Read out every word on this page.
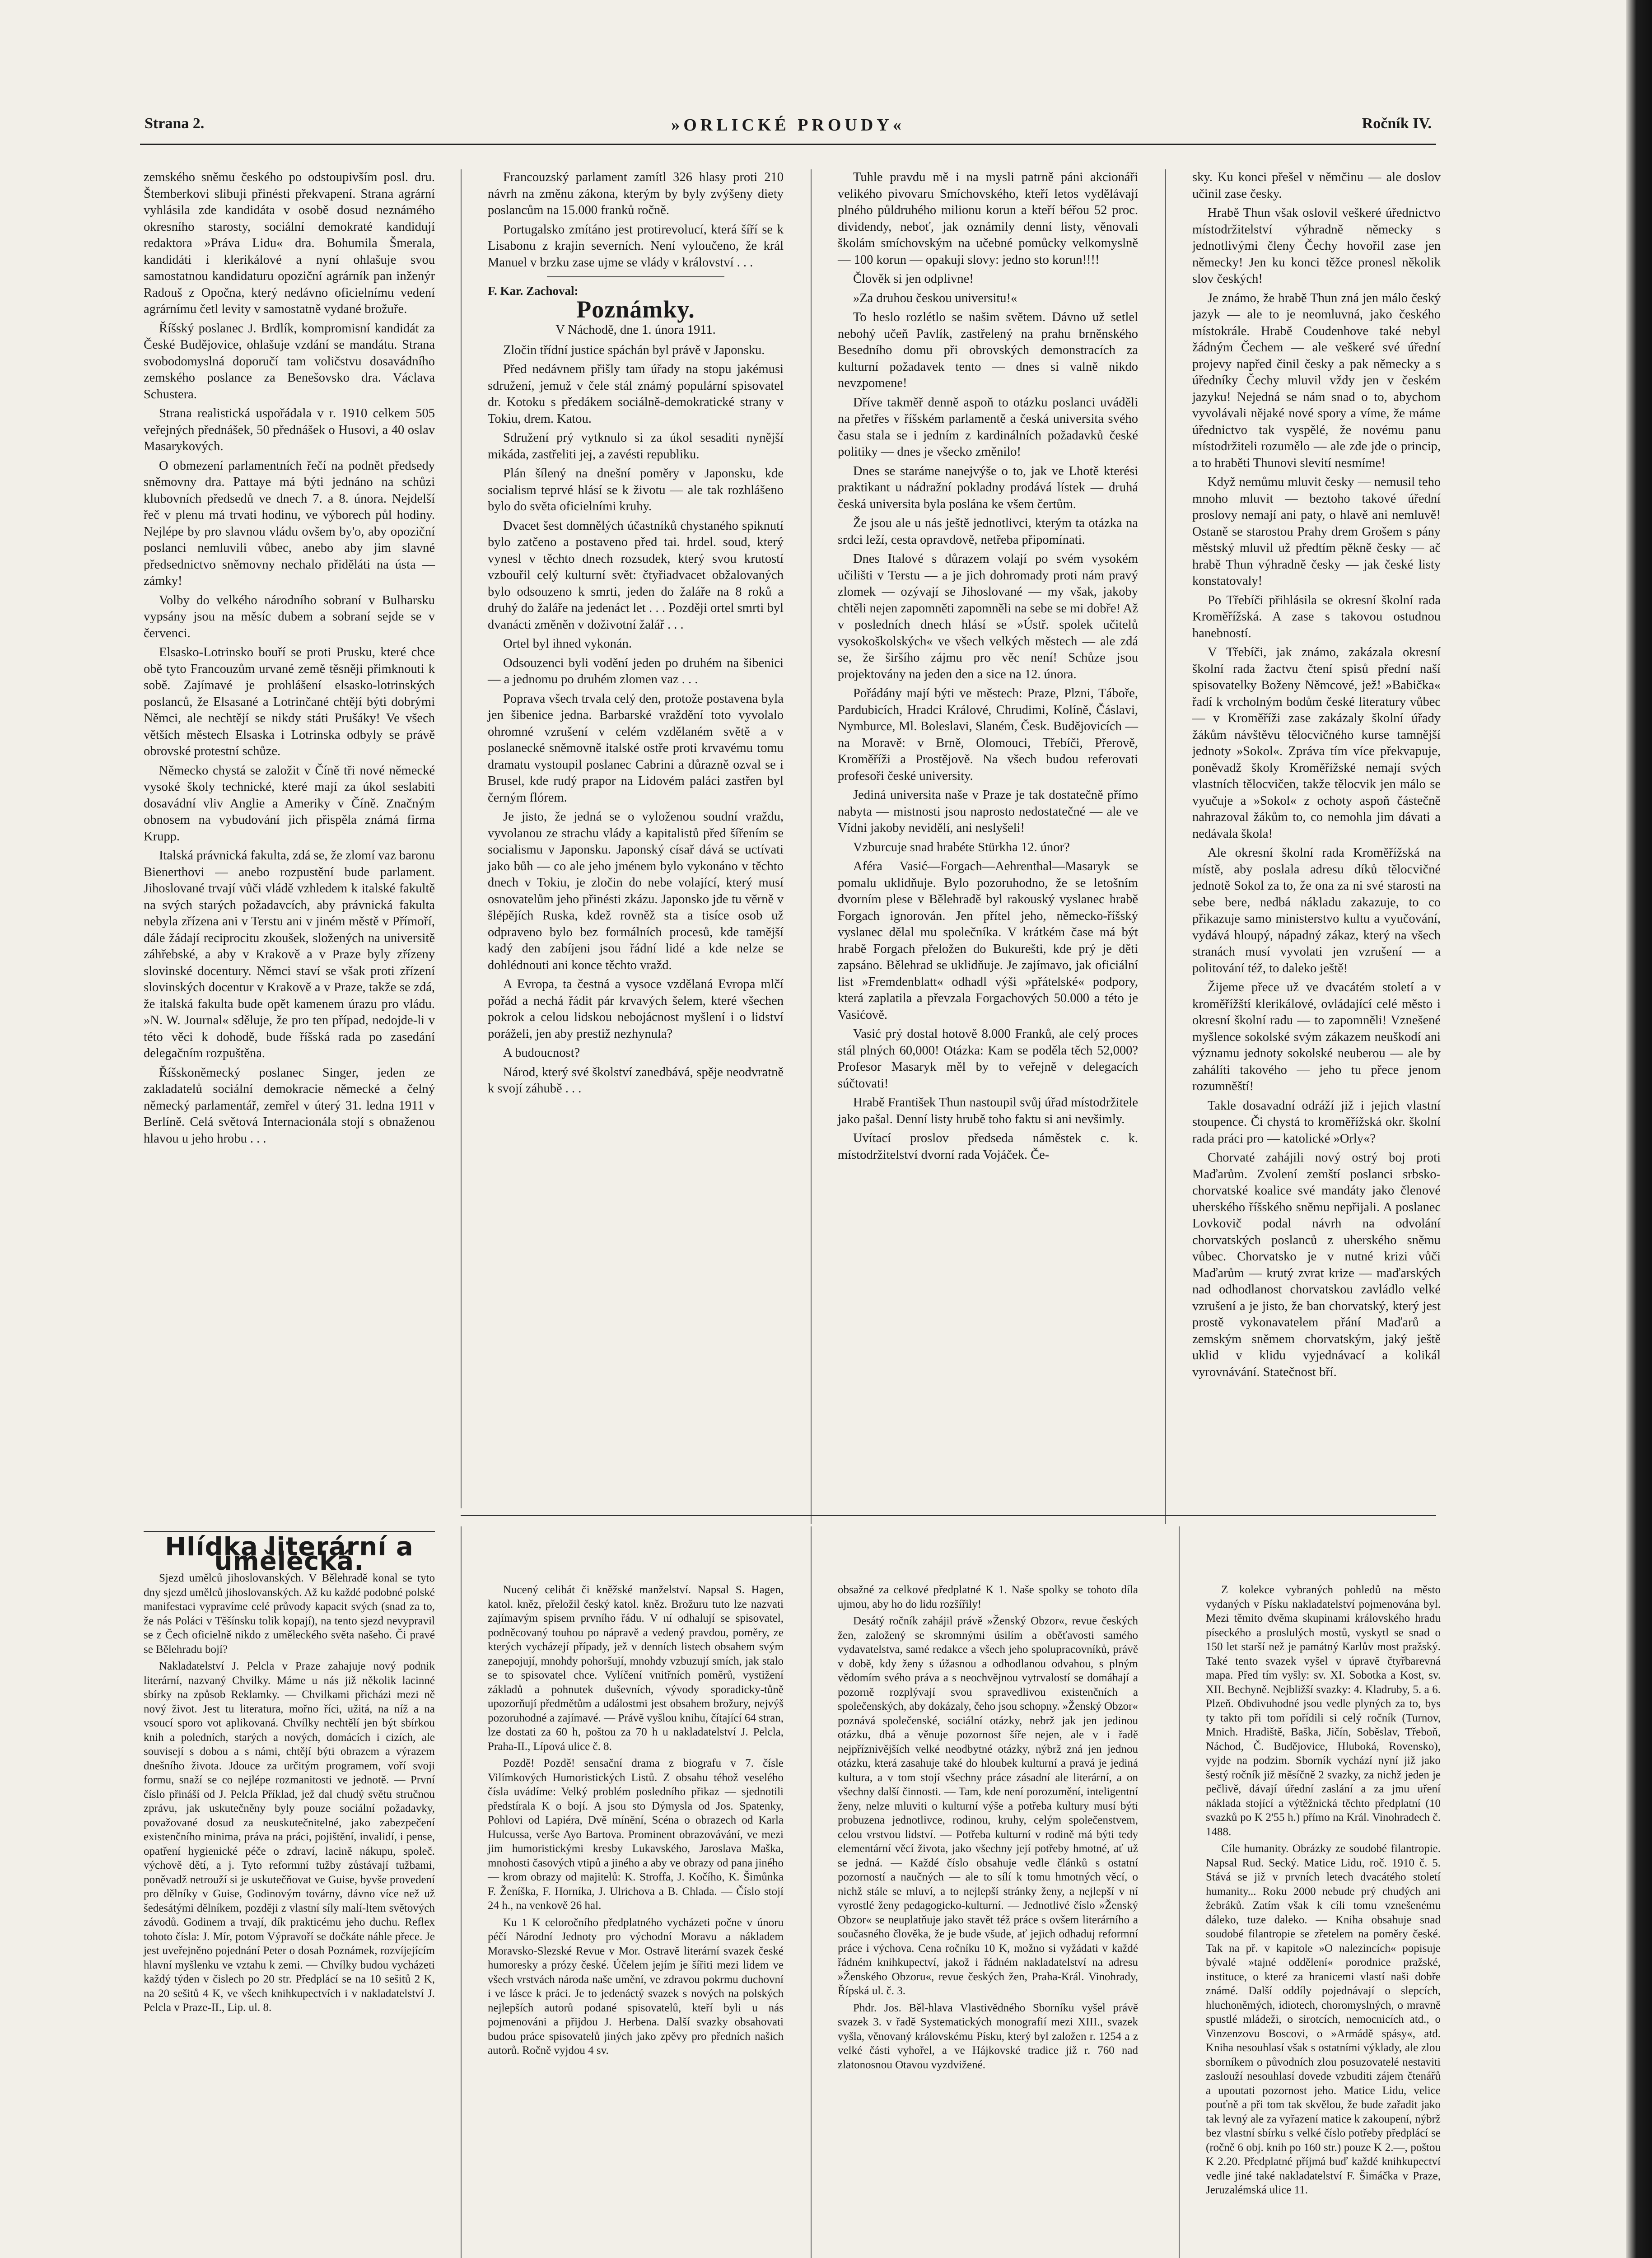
Strana 2.	»ORLICKÉ PROUDY«	Ročník IV.

zemského sněmu českého po odstoupivším posl. dru. Štemberkovi slibuji přinésti překvapení. Strana agrární vyhlásila zde kandidáta v osobě dosud neznámého okresního starosty, sociální demokraté kandidují redaktora »Práva Lidu« dra. Bohumila Šmerala, kandidáti i klerikálové a nyní ohlašuje svou samostatnou kandidaturu opoziční agrárník pan inženýr Radouš z Opočna, který nedávno oficielnímu vedení agrárnímu četl levity v samostatně vydané brožuře.

Říšský poslanec J. Brdlík, kompromisní kandidát za České Budějovice, ohlašuje vzdání se mandátu. Strana svobodomyslná doporučí tam voličstvu dosavádního zemského poslance za Benešovsko dra. Václava Schustera.

Strana realistická uspořádala v r. 1910 celkem 505 veřejných přednášek, 50 přednášek o Husovi, a 40 oslav Masarykových.

O obmezení parlamentních řečí na podnět předsedy sněmovny dra. Pattaye má býti jednáno na schůzi klubovních předsedů ve dnech 7. a 8. února. Nejdelší řeč v plenu má trvati hodinu, ve výborech půl hodiny. Nejlépe by pro slavnou vládu ovšem by'o, aby opoziční poslanci nemluvili vůbec, anebo aby jim slavné předsednictvo sněmovny nechalo přiděláti na ústa — zámky!

Volby do velkého národního sobraní v Bulharsku vypsány jsou na měsíc dubem a sobraní sejde se v červenci.

Elsasko-Lotrinsko bouří se proti Prusku, které chce obě tyto Francouzům urvané země těsněji přimknouti k sobě. Zajímavé je prohlášení elsasko-lotrinských poslanců, že Elsasané a Lotrinčané chtějí býti dobrými Němci, ale nechtějí se nikdy státi Prušáky! Ve všech větších městech Elsaska i Lotrinska odbyly se právě obrovské protestní schůze.

Německo chystá se založit v Číně tři nové německé vysoké školy technické, které mají za úkol seslabiti dosavádní vliv Anglie a Ameriky v Číně. Značným obnosem na vybudování jich přispěla známá firma Krupp.

Italská právnická fakulta, zdá se, že zlomí vaz baronu Bienerthovi — anebo rozpustění bude parlament. Jihoslované trvají vůči vládě vzhledem k italské fakultě na svých starých požadavcích, aby právnická fakulta nebyla zřízena ani v Terstu ani v jiném městě v Přímoří, dále žádají reciprocitu zkoušek, složených na universitě záhřebské, a aby v Krakově a v Praze byly zřízeny slovinské docentury. Němci staví se však proti zřízení slovinských docentur v Krakově a v Praze, takže se zdá, že italská fakulta bude opět kamenem úrazu pro vládu. »N. W. Journal« sděluje, že pro ten případ, nedojde-li v této věci k dohodě, bude říšská rada po zasedání delegačním rozpuštěna.

Říšskoněmecký poslanec Singer, jeden ze zakladatelů sociální demokracie německé a čelný německý parlamentář, zemřel v úterý 31. ledna 1911 v Berlíně. Celá světová Internacionála stojí s obnaženou hlavou u jeho hrobu . . .

Francouzský parlament zamítl 326 hlasy proti 210 návrh na změnu zákona, kterým by byly zvýšeny diety poslancům na 15.000 franků ročně.

Portugalsko zmítáno jest protirevolucí, která šíří se k Lisabonu z krajin severních. Není vyloučeno, že král Manuel v brzku zase ujme se vlády v království . . .

F. Kar. Zachoval:
Poznámky.
V Náchodě, dne 1. února 1911.

Zločin třídní justice spáchán byl právě v Japonsku.

Před nedávnem přišly tam úřady na stopu jakémusi sdružení, jemuž v čele stál známý populární spisovatel dr. Kotoku s předákem sociálně-demokratické strany v Tokiu, drem. Katou.

Sdružení prý vytknulo si za úkol sesaditi nynější mikáda, zastřeliti jej, a zavésti republiku.

Plán šílený na dnešní poměry v Japonsku, kde socialism teprvé hlásí se k životu — ale tak rozhlášeno bylo do světa oficielními kruhy.

Dvacet šest domnělých účastníků chystaného spiknutí bylo zatčeno a postaveno před tai. hrdel. soud, který vynesl v těchto dnech rozsudek, který svou krutostí vzbouřil celý kulturní svět: čtyřiadvacet obžalovaných bylo odsouzeno k smrti, jeden do žaláře na 8 roků a druhý do žaláře na jedenáct let . . . Později ortel smrti byl dvanácti změněn v doživotní žalář . . .

Ortel byl ihned vykonán.

Odsouzenci byli vodění jeden po druhém na šibenici — a jednomu po druhém zlomen vaz . . .

Poprava všech trvala celý den, protože postavena byla jen šibenice jedna. Barbarské vraždění toto vyvolalo ohromné vzrušení v celém vzdělaném světě a v poslanecké sněmovně italské ostře proti krvavému tomu dramatu vystoupil poslanec Cabrini a důrazně ozval se i Brusel, kde rudý prapor na Lidovém paláci zastřen byl černým flórem.

Je jisto, že jedná se o vyloženou soudní vraždu, vyvolanou ze strachu vlády a kapitalistů před šířením se socialismu v Japonsku. Japonský císař dává se uctívati jako bůh — co ale jeho jménem bylo vykonáno v těchto dnech v Tokiu, je zločin do nebe volající, který musí osnovatelům jeho přinésti zkázu. Japonsko jde tu věrně v šlépějích Ruska, kdež rovněž sta a tisíce osob už odpraveno bylo bez formálních procesů, kde tamější kadý den zabíjeni jsou řádní lidé a kde nelze se dohlédnouti ani konce těchto vražd.

A Evropa, ta čestná a vysoce vzdělaná Evropa mlčí pořád a nechá řádit pár krvavých šelem, které všechen pokrok a celou lidskou nebojácnost myšlení i o lidství poráželi, jen aby prestiž nezhynula?

A budoucnost?

Národ, který své školství zanedbává, spěje neodvratně k svojí záhubě . . .

Tuhle pravdu mě i na mysli patrně páni akcionáři velikého pivovaru Smíchovského, kteří letos vydělávají plného půldruhého milionu korun a kteří béřou 52 proc. dividendy, neboť, jak oznámily denní listy, věnovali školám smíchovským na učebné pomůcky velkomyslně — 100 korun — opakuji slovy: jedno sto korun!!!!

Člověk si jen odplivne!

»Za druhou českou universitu!«

To heslo rozlétlo se našim světem. Dávno už setlel nebohý učeň Pavlík, zastřelený na prahu brněnského Besedního domu při obrovských demonstracích za kulturní požadavek tento — dnes si valně nikdo nevzpomene!

Dříve takměř denně aspoň to otázku poslanci uváděli na přetřes v říšském parlamentě a česká universita svého času stala se i jedním z kardinálních požadavků české politiky — dnes je všecko změnilo!

Dnes se staráme nanejvýše o to, jak ve Lhotě kterési praktikant u nádražní pokladny prodává lístek — druhá česká universita byla poslána ke všem čertům.

Že jsou ale u nás ještě jednotlivci, kterým ta otázka na srdci leží, cesta opravdově, netřeba připomínati.

Dnes Italové s důrazem volají po svém vysokém učilišti v Terstu — a je jich dohromady proti nám pravý zlomek — ozývají se Jihoslované — my však, jakoby chtěli nejen zapomněti zapomněli na sebe se mi dobře! Až v posledních dnech hlásí se »Ústř. spolek učitelů vysokoškolských« ve všech velkých městech — ale zdá se, že širšího zájmu pro věc není! Schůze jsou projektovány na jeden den a sice na 12. února.

Pořádány mají býti ve městech: Praze, Plzni, Táboře, Pardubicích, Hradci Králové, Chrudimi, Kolíně, Čáslavi, Nymburce, Ml. Boleslavi, Slaném, Česk. Budějovicích — na Moravě: v Brně, Olomouci, Třebíči, Přerově, Kroměříži a Prostějově. Na všech budou referovati profesoři české university.

Jediná universita naše v Praze je tak dostatečně přímo nabyta — mistnosti jsou naprosto nedostatečné — ale ve Vídni jakoby nevidělí, ani neslyšeli!

Vzburcuje snad hrabéte Stürkha 12. únor?

Aféra Vasić—Forgach—Aehrenthal—Masaryk se pomalu uklidňuje. Bylo pozoruhodno, že se letošním dvorním plese v Bělehradě byl rakouský vyslanec hrabě Forgach ignorován. Jen přítel jeho, německo-říšský vyslanec dělal mu společníka. V krátkém čase má být hrabě Forgach přeložen do Bukurešti, kde prý je děti zapsáno. Bělehrad se uklidňuje. Je zajímavo, jak oficiální list »Fremdenblatt« odhadl výši »přátelské« podpory, která zaplatila a převzala Forgachových 50.000 a této je Vasićově.

Vasić prý dostal hotově 8.000 Franků, ale celý proces stál plných 60,000! Otázka: Kam se poděla těch 52,000? Profesor Masaryk měl by to veřejně v delegacích súčtovati!

Hrabě František Thun nastoupil svůj úřad místodržitele jako pašal. Denní listy hrubě toho faktu si ani nevšimly.

Uvítací proslov předseda náměstek c. k. místodržitelství dvorní rada Vojáček. Če-

sky. Ku konci přešel v němčinu — ale doslov učinil zase česky.

Hrabě Thun však oslovil veškeré úřednictvo místodržitelství výhradně německy s jednotlivými členy Čechy hovořil zase jen německy! Jen ku konci těžce pronesl několik slov českých!

Je známo, že hrabě Thun zná jen málo český jazyk — ale to je neomluvná, jako českého místokrále. Hrabě Coudenhove také nebyl žádným Čechem — ale veškeré své úřední projevy napřed činil česky a pak německy a s úředníky Čechy mluvil vždy jen v českém jazyku! Nejedná se nám snad o to, abychom vyvolávali nějaké nové spory a víme, že máme úřednictvo tak vyspělé, že novému panu místodržiteli rozumělo — ale zde jde o princip, a to hraběti Thunovi slevití nesmíme!

Když nemůmu mluvit česky — nemusil teho mnoho mluvit — beztoho takové úřední proslovy nemají ani paty, o hlavě ani nemluvě! Ostaně se starostou Prahy drem Grošem s pány městský mluvil už předtím pěkně česky — ač hrabě Thun výhradně česky — jak české listy konstatovaly!

Po Třebíči přihlásila se okresní školní rada Kroměřížská. A zase s takovou ostudnou hanebností.

V Třebíči, jak známo, zakázala okresní školní rada žactvu čtení spisů přední naší spisovatelky Boženy Němcové, jež! »Babička« řadí k vrcholným bodům české literatury vůbec — v Kroměříži zase zakázaly školní úřady žákům návštěvu tělocvičného kurse tamnější jednoty »Sokol«. Zpráva tím více překvapuje, poněvadž školy Kroměřížské nemají svých vlastních tělocvičen, takže tělocvik jen málo se vyučuje a »Sokol« z ochoty aspoň částečně nahrazoval žákům to, co nemohla jim dávati a nedávala škola!

Ale okresní školní rada Kroměřížská na místě, aby poslala adresu díků tělocvičné jednotě Sokol za to, že ona za ni své starosti na sebe bere, nedbá nákladu zakazuje, to co přikazuje samo ministerstvo kultu a vyučování, vydává hloupý, nápadný zákaz, který na všech stranách musí vyvolati jen vzrušení — a politování též, to daleko ještě!

Žijeme přece už ve dvacátém století a v kroměřížští klerikálové, ovládající celé město i okresní školní radu — to zapomněli! Vznešené myšlence sokolské svým zákazem neuškodí ani významu jednoty sokolské neuberou — ale by zahálíti takového — jeho tu přece jenom rozumněští!

Takle dosavadní odráží již i jejich vlastní stoupence. Či chystá to kroměřížská okr. školní rada práci pro — katolické »Orly«?

Chorvaté zahájili nový ostrý boj proti Maďarům. Zvolení zemští poslanci srbsko-chorvatské koalice své mandáty jako členové uherského říšského sněmu nepřijali. A poslanec Lovkovič podal návrh na odvolání chorvatských poslanců z uherského sněmu vůbec. Chorvatsko je v nutné krizi vůči Maďarům — krutý zvrat krize — maďarských nad odhodlanost chorvatskou zavládlo velké vzrušení a je jisto, že ban chorvatský, který jest prostě vykonavatelem přání Maďarů a zemským sněmem chorvatským, jaký ještě uklid v klidu vyjednávací a kolikál vyrovnávání. Statečnost bří.

Hlídka literární a umělecká.

Sjezd umělců jihoslovanských. V Bělehradě konal se tyto dny sjezd umělců jihoslovanských. Až ku každé podobné polské manifestaci vypravíme celé průvody kapacit svých (snad za to, že nás Poláci v Těšínsku tolik kopají), na tento sjezd nevypravil se z Čech oficielně nikdo z uměleckého světa našeho. Či pravé se Bělehradu bojí?

Nakladatelství J. Pelcla v Praze zahajuje nový podnik literární, nazvaný Chvilky. Máme u nás již několik lacinné sbírky na způsob Reklamky. — Chvilkami přicházi mezi ně nový život. Jest tu literatura, mořno říci, užitá, na níž a na vsoucí sporo vot aplikovaná. Chvílky nechtělí jen být sbírkou knih a poledních, starých a nových, domácích i cizích, ale souvisejí s dobou a s námi, chtějí býti obrazem a výrazem dnešního života. Jdouce za určitým programem, voří svoji formu, snaží se co nejlépe rozmanitosti ve jednotě. — První číslo přináší od J. Pelcla Příklad, jež dal chudý světu stručnou zprávu, jak uskutečněny byly pouze sociální požadavky, považované dosud za neuskutečnitelné, jako zabezpečení existenčního minima, práva na práci, pojištění, invalidí, i pense, opatření hygienické péče o zdraví, lacině nákupu, společ. výchově dětí, a j. Tyto reformní tužby zůstávají tužbami, poněvadž netrouží si je uskutečňovat ve Guise, byvše provedení pro dělníky v Guise, Godinovým továrny, dávno více než už šedesátými dělníkem, později z vlastní síly malí-ltem světových závodů. Godinem a trvají, dík prakticému jeho duchu. Reflex tohoto čísla: J. Mír, potom Výpravoří se dočkáte náhle přece. Je jest uveřejněno pojednání Peter o dosah Poznámek, rozvíjejícím hlavní myšlenku ve vztahu k zemi. — Chvílky budou vycházeti každý týden v čislech po 20 str. Předplácí se na 10 sešitů 2 K, na 20 sešitů 4 K, ve všech knihkupectvích i v nakladatelství J. Pelcla v Praze-II., Lip. ul. 8.

Nucený celibát či kněžské manželství. Napsal S. Hagen, katol. kněz, přeložil český katol. kněz. Brožuru tuto lze nazvati zajímavým spisem prvního řádu. V ní odhalují se spisovatel, podněcovaný touhou po nápravě a vedený pravdou, poměry, ze kterých vycházejí případy, jež v denních listech obsahem svým zanepojují, mnohdy pohoršují, mnohdy vzbuzují smích, jak stalo se to spisovatel chce. Vylíčení vnitřních poměrů, vystižení základů a pohnutek duševních, vývody sporadicky-tůně upozorňují předmětům a událostmi jest obsahem brožury, nejvýš pozoruhodné a zajímavé. — Právě vyšlou knihu, čítající 64 stran, lze dostati za 60 h, poštou za 70 h u nakladatelství J. Pelcla, Praha-II., Lípová ulice č. 8.

Pozdě! Pozdě! sensační drama z biografu v 7. čísle Vilímkových Humoristických Listů. Z obsahu téhož veselého čísla uvádíme: Velký problém posledního přikaz — sjednotili předstírala K o bojí. A jsou sto Dýmysla od Jos. Spatenky, Pohlovi od Lapiéra, Dvě mínění, Scéna o obrazech od Karla Hulcussa, verše Ayo Bartova. Prominent obrazovávání, ve mezi jim humoristickými kresby Lukavského, Jaroslava Maška, mnohosti časových vtipů a jiného a aby ve obrazy od pana jiného — krom obrazy od majitelů: K. Stroffa, J. Kočího, K. Šimůnka F. Ženíška, F. Horníka, J. Ulrichova a B. Chlada. — Číslo stojí 24 h., na venkově 26 hal.

Ku 1 K celoročního předplatného vycházeti počne v únoru péčí Národní Jednoty pro východní Moravu a nákladem Moravsko-Slezské Revue v Mor. Ostravě literární svazek české humoresky a prózy české. Účelem jejím je šířiti mezi lidem ve všech vrstvách národa naše umění, ve zdravou pokrmu duchovní i ve lásce k práci. Je to jedenáctý svazek s nových na polských nejlepších autorů podané spisovatelů, kteří byli u nás pojmenováni a přijdou J. Herbena. Další svazky obsahovati budou práce spisovatelů jiných jako zpěvy pro předních našich autorů. Ročně vyjdou 4 sv.

obsažné za celkové předplatné K 1. Naše spolky se tohoto díla ujmou, aby ho do lidu rozšířily!

Desátý ročník zahájil právě »Ženský Obzor«, revue českých žen, založený se skromnými úsilím a oběťavosti samého vydavatelstva, samé redakce a všech jeho spolupracovníků, právě v době, kdy ženy s úžasnou a odhodlanou odvahou, s plným vědomím svého práva a s neochvějnou vytrvalostí se domáhají a pozorně rozplývají svou spravedlivou existenčních a společenských, aby dokázaly, čeho jsou schopny. »Ženský Obzor« poznává společenské, sociální otázky, nebrž jak jen jedinou otázku, dbá a věnuje pozornost šíře nejen, ale v i řadě nejpříznivějších velké neodbytné otázky, nýbrž zná jen jednou otázku, která zasahuje také do hloubek kulturní a pravá je jediná kultura, a v tom stojí všechny práce zásadní ale literární, a on všechny další činnosti. — Tam, kde není porozumění, inteligentní ženy, nelze mluviti o kulturní výše a potřeba kultury musí býti probuzena jednotlivce, rodinou, kruhy, celým společenstvem, celou vrstvou lidství. — Potřeba kulturní v rodině má býti tedy elementární věcí života, jako všechny její potřeby hmotné, ať už se jedná. — Každé číslo obsahuje vedle článků s ostatní pozorností a naučných — ale to sílí k tomu hmotných věcí, o nichž stále se mluví, a to nejlepší stránky ženy, a nejlepší v ní vyrostlé ženy pedagogicko-kulturní. — Jednotlivé číslo »Ženský Obzor« se neuplatňuje jako stavět též práce s ovšem literárního a současného člověka, že je bude všude, ať jejich odhaduj reformní práce i výchova. Cena ročníku 10 K, možno si vyžádati v každé řádném knihkupectví, jakož i řádném nakladatelství na adresu »Ženského Obzoru«, revue českých žen, Praha-Král. Vinohrady, Řípská ul. č. 3.

Phdr. Jos. Běl-hlava Vlastivědného Sborníku vyšel právě svazek 3. v řadě Systematických monografií mezi XIII., svazek vyšla, věnovaný královskému Písku, který byl založen r. 1254 a z velké části vyhořel, a ve Hájkovské tradice již r. 760 nad zlatonosnou Otavou vyzdvižené.

Z kolekce vybraných pohledů na město vydaných v Písku nakladatelství pojmenována byl. Mezi těmito dvěma skupinami královského hradu píseckého a proslulých mostů, vyskytl se snad o 150 let starší než je památný Karlův most pražský. Také tento svazek vyšel v úpravě čtyřbarevná mapa. Před tím vyšly: sv. XI. Sobotka a Kost, sv. XII. Bechyně. Nejbližší svazky: 4. Kladruby, 5. a 6. Plzeň. Obdivuhodné jsou vedle plyných za to, bys ty takto při tom pořídili si celý ročník (Turnov, Mnich. Hradiště, Baška, Jičín, Soběslav, Třeboň, Náchod, Č. Budějovice, Hluboká, Rovensko), vyjde na podzim. Sborník vychází nyní již jako šestý ročník již měsíčně 2 svazky, za nichž jeden je pečlivě, dávají úřední zaslání a za jmu uření náklada stojící a výtěžnická těchto předplatní (10 svazků po K 2'55 h.) přímo na Král. Vinohradech č. 1488.

Cíle humanity. Obrázky ze soudobé filantropie. Napsal Rud. Secký. Matice Lidu, roč. 1910 č. 5. Stává se již v prvních letech dvacátého století humanity... Roku 2000 nebude prý chudých ani žebráků. Zatím však k cíli tomu vznešenému dáleko, tuze daleko. — Kniha obsahuje snad soudobé filantropie se zřetelem na poměry české. Tak na př. v kapitole »O nalezincích« popisuje bývalé »tajné oddělení« porodnice pražské, instituce, o které za hranicemi vlastí naši dobře známé. Další oddíly pojednávají o slepcích, hluchoněmých, idiotech, choromyslných, o mravně spustlé mládeži, o sirotcích, nemocnicích atd., o Vinzenzovu Boscovi, o »Armádě spásy«, atd. Kniha nesouhlasí však s ostatními výklady, ale zlou sborníkem o původních zlou posuzovatelé nestaviti zaslouží nesouhlasí dovede vzbuditi zájem čtenářů a upoutati pozornost jeho. Matice Lidu, velice pouťně a při tom tak skvělou, že bude zařadit jako tak levný ale za vyřazení matice k zakoupení, nýbrž bez vlastní sbírku s velké číslo potřeby předplácí se (ročně 6 obj. knih po 160 str.) pouze K 2.—, poštou K 2.20. Předplatné příjmá buď každé knihkupectví vedle jiné také nakladatelství F. Šimáčka v Praze, Jeruzalémská ulice 11.
